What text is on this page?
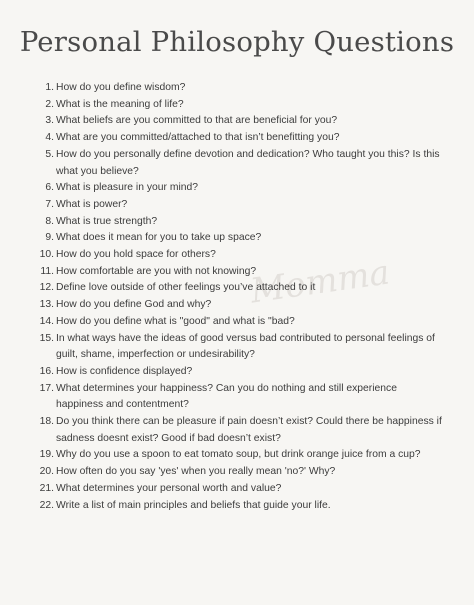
Personal Philosophy Questions
Momma
1. How do you define wisdom?
2. What is the meaning of life?
3. What beliefs are you committed to that are beneficial for you?
4. What are you committed/attached to that isn’t benefitting you?
5. How do you personally define devotion and dedication? Who taught you this? Is this what you believe?
6. What is pleasure in your mind?
7. What is power?
8. What is true strength?
9. What does it mean for you to take up space?
10. How do you hold space for others?
11. How comfortable are you with not knowing?
12. Define love outside of other feelings you’ve attached to it
13. How do you define God and why?
14. How do you define what is "good" and what is "bad?
15. In what ways have the ideas of good versus bad contributed to personal feelings of guilt, shame, imperfection or undesirability?
16. How is confidence displayed?
17. What determines your happiness? Can you do nothing and still experience happiness and contentment?
18. Do you think there can be pleasure if pain doesn’t exist? Could there be happiness if sadness doesnt exist? Good if bad doesn’t exist?
19. Why do you use a spoon to eat tomato soup, but drink orange juice from a cup?
20. How often do you say 'yes' when you really mean 'no?' Why?
21. What determines your personal worth and value?
22. Write a list of main principles and beliefs that guide your life.
